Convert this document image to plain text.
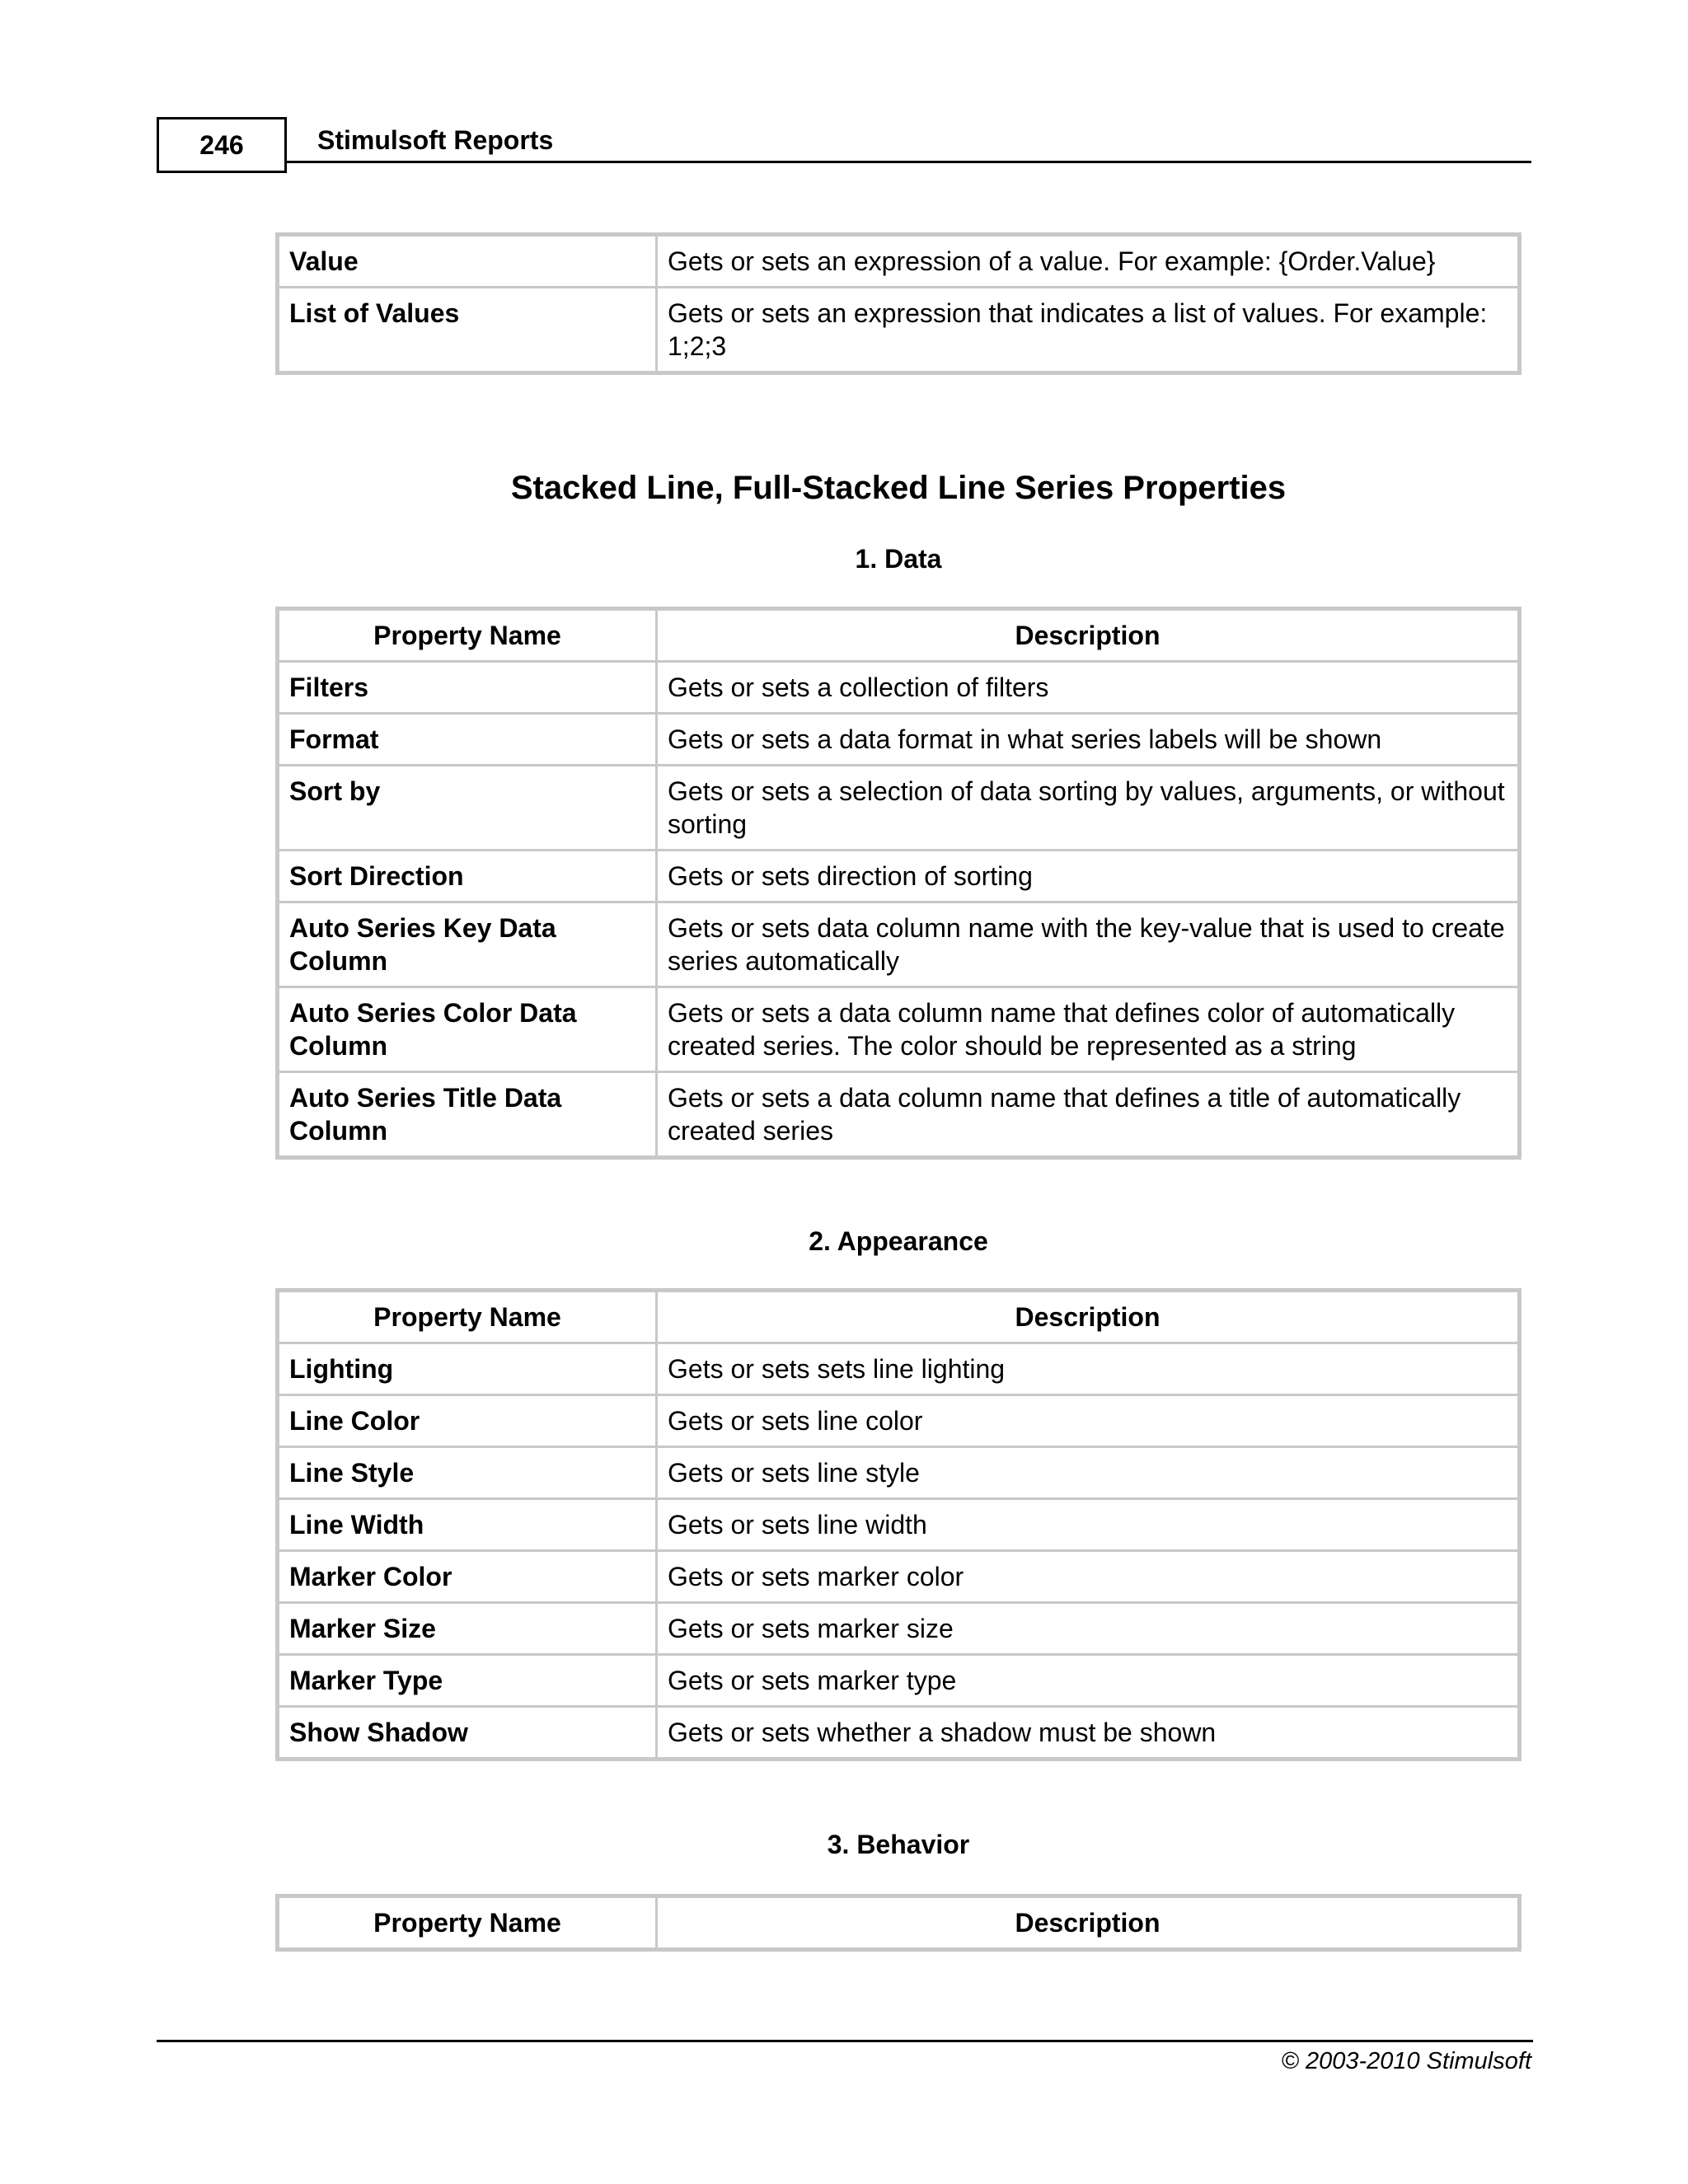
246	Stimulsoft Reports
Value	Gets or sets an expression of a value. For example: {Order.Value}
List of Values	Gets or sets an expression that indicates a list of values. For example: 1;2;3
Stacked Line, Full-Stacked Line Series Properties
1. Data
Property Name	Description
Filters	Gets or sets a collection of filters
Format	Gets or sets a data format in what series labels will be shown
Sort by	Gets or sets a selection of data sorting by values, arguments, or without sorting
Sort Direction	Gets or sets direction of sorting
Auto Series Key Data Column	Gets or sets data column name with the key-value that is used to create series automatically
Auto Series Color Data Column	Gets or sets a data column name that defines color of automatically created series. The color should be represented as a string
Auto Series Title Data Column	Gets or sets a data column name that defines a title of automatically created series
2. Appearance
Property Name	Description
Lighting	Gets or sets sets line lighting
Line Color	Gets or sets line color
Line Style	Gets or sets line style
Line Width	Gets or sets line width
Marker Color	Gets or sets marker color
Marker Size	Gets or sets marker size
Marker Type	Gets or sets marker type
Show Shadow	Gets or sets whether a shadow must be shown
3. Behavior
Property Name	Description
© 2003-2010 Stimulsoft
